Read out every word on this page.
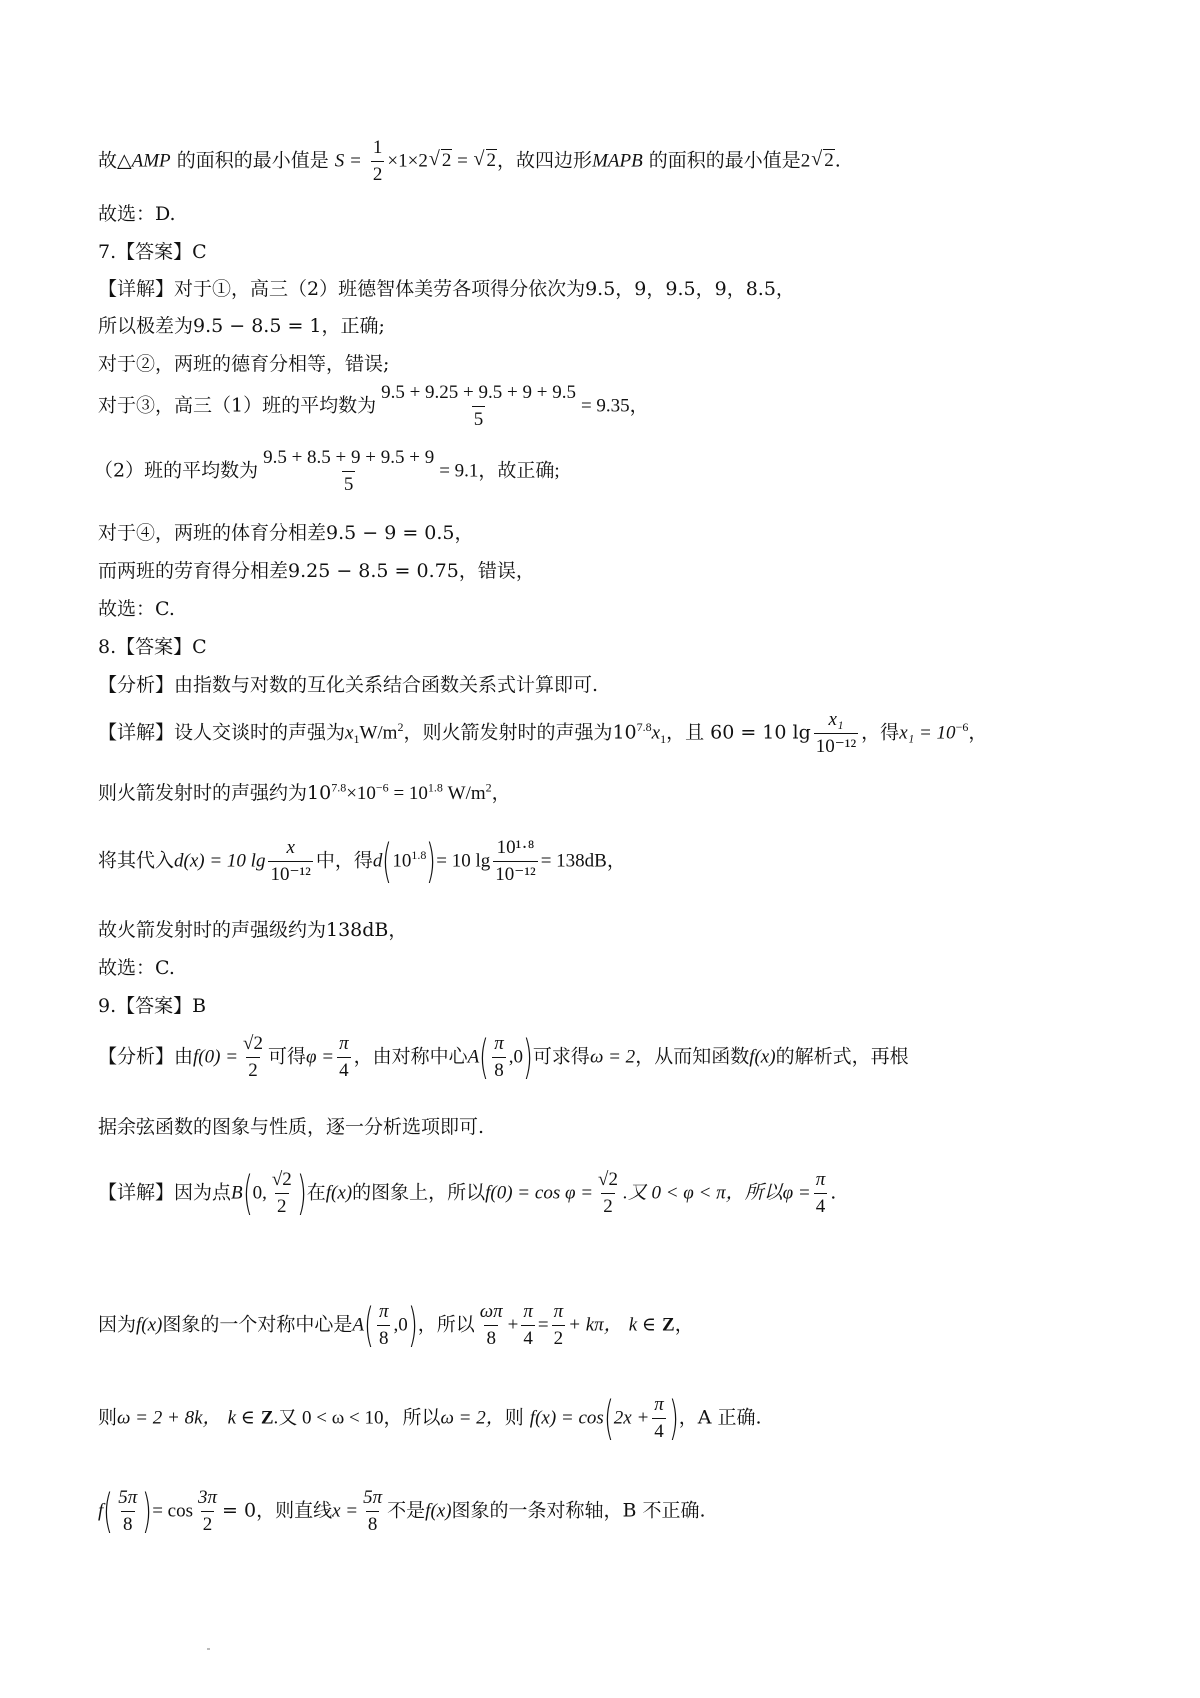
故△AMP 的面积的最小值是 $S = \frac{1}{2} \times 1\times 2√$ 2 = √ 2，故四边形MAPB 的面积的最小值是2√ 2.
故选：D.
7.【答案】C
【详解】对于①，高三（2）班德智体美劳各项得分依次为9.5，9，9.5，9，8.5，
所以极差为9.5 − 8.5 = 1，正确;
对于②，两班的德育分相等，错误;
对于③，高三（1）班的平均数为 $\frac{9.5 + 9.25 + 9.5 + 9 + 9.5}{5} = 9.35$，
（2）班的平均数为 $\frac{9.5 + 8.5 + 9 + 9.5 + 9}{5} = 9.1$，故正确;
对于④，两班的体育分相差9.5 − 9 = 0.5，
而两班的劳育得分相差9.25 − 8.5 = 0.75，错误，
故选：C.
8.【答案】C
【分析】由指数与对数的互化关系结合函数关系式计算即可.
【详解】设人交谈时的声强为$x_1W/m^2$，则火箭发射时的声强为$10^{7.8}x_1$，且 60 = 10 $\lg \frac{\text{x₁}}{\text{10⁻¹²}}$ ，得$x_1 = 10^{-6}$，
则火箭发射时的声强约为$10^{7.8}\times 10^{-6} = 10^{1.8}$ $W/m^2$，
将其代入d(x) = 10 $\lg \frac{x}{\text{10⁻¹²}}$ 中，得$d(10^{1.8})= 10$ $\lg \frac{\text{10¹·⁸}}{\text{10⁻¹²}} = 138dB$，
故火箭发射时的声强级约为138dB，
故选：C.
9.【答案】B
【分析】由$f(0) = \frac{√2}{2}$ 可得$\varphi = \frac{\pi}{4}$ ，由对称中心$A( \frac{\pi}{8} ,0)$可求得ω = 2，从而知函数f(x)的解析式，再根
据余弦函数的图象与性质，逐一分析选项即可.
【详解】因为点B(0, $\frac{√2}{2}$ )在f(x)的图象上，所以$f(0) = \cos \varphi = \frac{√2}{2}$ .又 0 < φ < π，所以$\varphi = \frac{\pi}{4}$ .
因为f(x)图象的一个对称中心是$A( \frac{\pi}{8} ,0)$，所以 $\frac{\omega\pi}{8} + \frac{\pi}{4} = \frac{\pi}{2} + k\pi$， k ∈ Z，
则ω = 2 + 8k， k ∈ Z.又 0 < ω < 10，所以ω = 2，则 $f(x) = \cos(2x + \frac{\pi}{4}$ )，A 正确.
$f( \frac{5\pi}{8}$ )= $\cos \frac{3\pi}{2} = 0$，则直线$x = \frac{5\pi}{8}$ 不是f(x)图象的一条对称轴，B 不正确.
